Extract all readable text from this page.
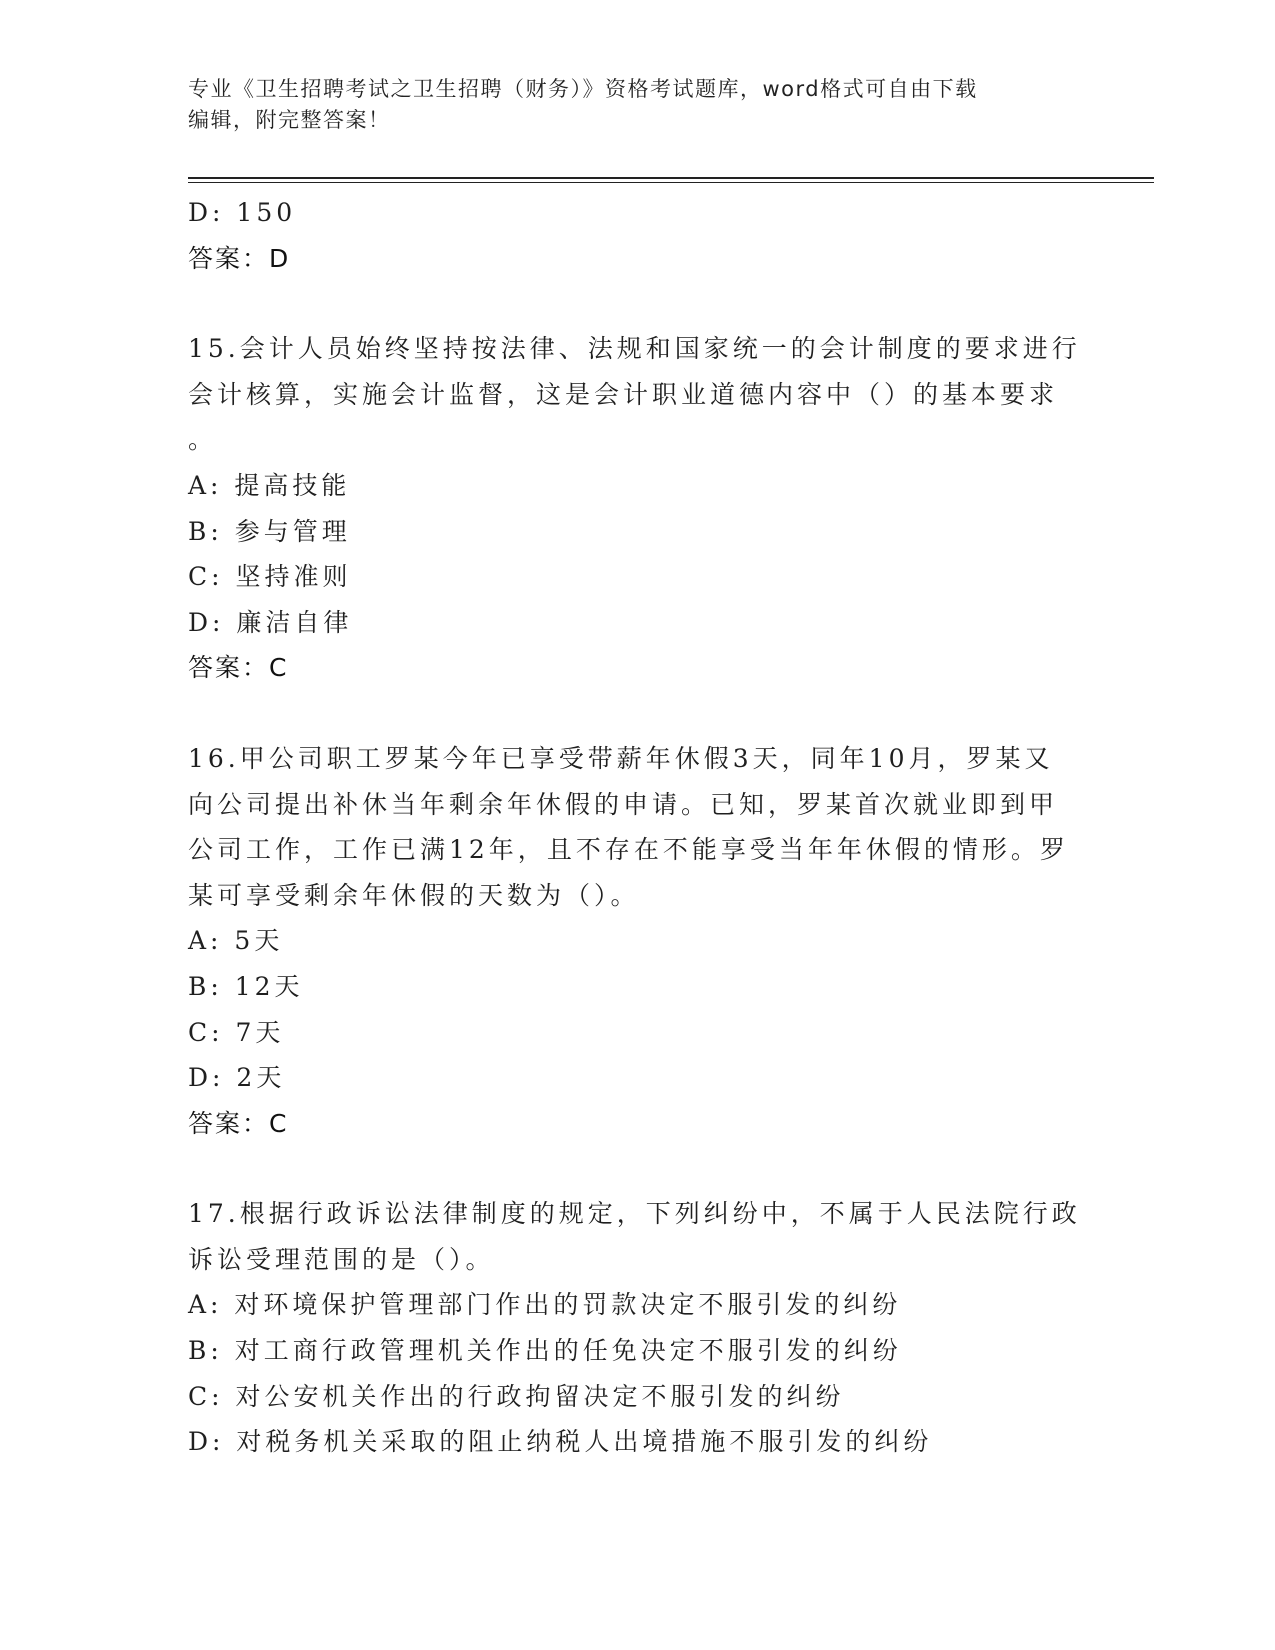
专业《卫生招聘考试之卫生招聘（财务）》资格考试题库，word格式可自由下载
编辑，附完整答案！
D: 150
答案：D
15.会计人员始终坚持按法律、法规和国家统一的会计制度的要求进行
会计核算，实施会计监督，这是会计职业道德内容中（）的基本要求
。
A: 提高技能
B: 参与管理
C: 坚持准则
D: 廉洁自律
答案：C
16.甲公司职工罗某今年已享受带薪年休假3天，同年10月，罗某又
向公司提出补休当年剩余年休假的申请。已知，罗某首次就业即到甲
公司工作，工作已满12年，且不存在不能享受当年年休假的情形。罗
某可享受剩余年休假的天数为（）。
A: 5天
B: 12天
C: 7天
D: 2天
答案：C
17.根据行政诉讼法律制度的规定，下列纠纷中，不属于人民法院行政
诉讼受理范围的是（）。
A: 对环境保护管理部门作出的罚款决定不服引发的纠纷
B: 对工商行政管理机关作出的任免决定不服引发的纠纷
C: 对公安机关作出的行政拘留决定不服引发的纠纷
D: 对税务机关采取的阻止纳税人出境措施不服引发的纠纷
